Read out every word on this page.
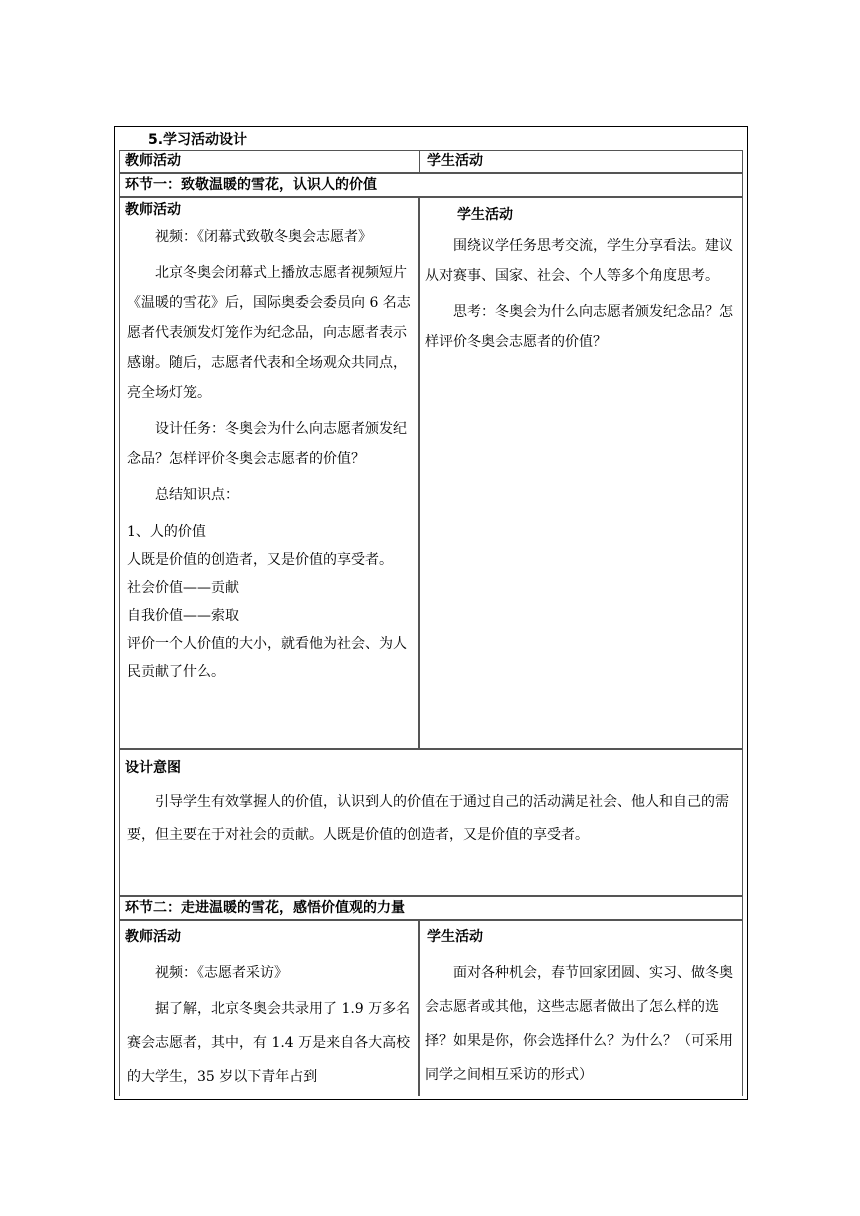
5.学习活动设计
教师活动	学生活动
环节一：致敬温暖的雪花，认识人的价值
教师活动

视频：《闭幕式致敬冬奥会志愿者》

北京冬奥会闭幕式上播放志愿者视频短片《温暖的雪花》后，国际奥委会委员向 6 名志愿者代表颁发灯笼作为纪念品，向志愿者表示感谢。随后，志愿者代表和全场观众共同点，亮全场灯笼。

设计任务：冬奥会为什么向志愿者颁发纪念品？怎样评价冬奥会志愿者的价值？

总结知识点：

1、人的价值
人既是价值的创造者，又是价值的享受者。
社会价值——贡献
自我价值——索取
评价一个人价值的大小，就看他为社会、为人民贡献了什么。
学生活动

围绕议学任务思考交流，学生分享看法。建议从对赛事、国家、社会、个人等多个角度思考。

思考：冬奥会为什么向志愿者颁发纪念品？怎样评价冬奥会志愿者的价值？

设计意图

引导学生有效掌握人的价值，认识到人的价值在于通过自己的活动满足社会、他人和自己的需要，但主要在于对社会的贡献。人既是价值的创造者，又是价值的享受者。

环节二：走进温暖的雪花，感悟价值观的力量
教师活动

视频：《志愿者采访》

据了解，北京冬奥会共录用了 1.9 万多名赛会志愿者，其中，有 1.4 万是来自各大高校的大学生，35 岁以下青年占到

学生活动

面对各种机会，春节回家团圆、实习、做冬奥会志愿者或其他，这些志愿者做出了怎么样的选择？如果是你，你会选择什么？为什么？（可采用同学之间相互采访的形式）
